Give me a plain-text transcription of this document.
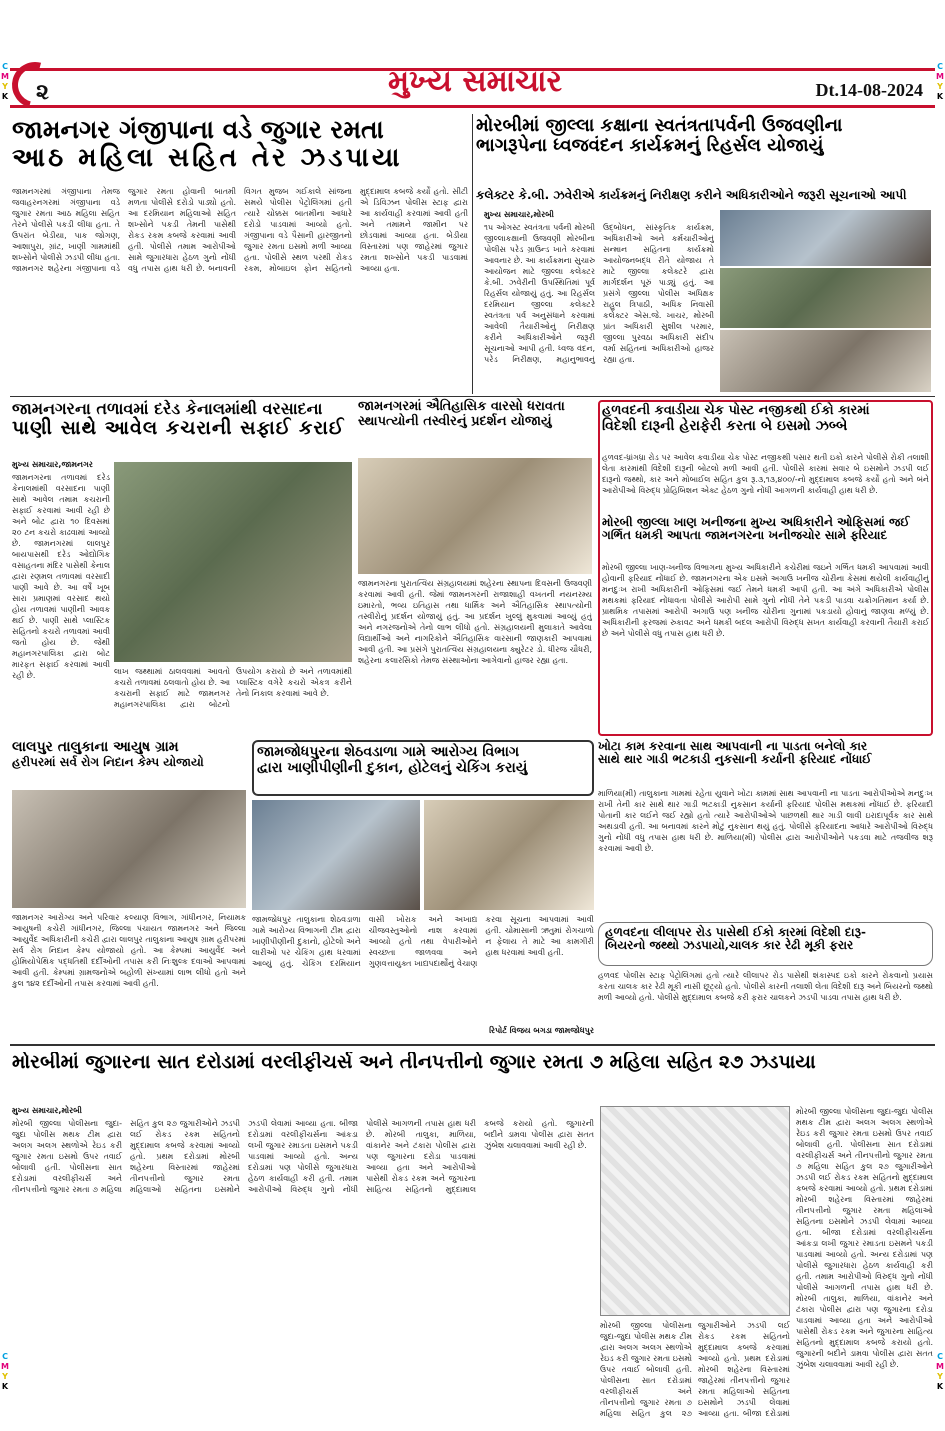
C
M
Y
K
C
M
Y
K
C
M
Y
K
C
M
Y
K
૨	મુખ્ય સમાચાર	Dt.14-08-2024
જામનગર ગંજીપાના વડે જુગાર રમતા
આઠ મહિલા સહિત તેર ઝડપાયા
જામનગરમાં ગંજીપાના તેમજ જવાહરનગરમાં ગંજીપાના વડે જુગાર રમતા આઠ મહિલા સહિત તેરને પોલીસે પકડી લીધા હતા. તે ઉપરાંત બેડીયા, પાક જોગણ, આશાપુરા, ગ્રાંટ, ખાણી ગામમાંથી શખ્સોને પોલીસે ઝડપી લીધા હતા. જામનગર શહેરના ગંજીપાના વડે જુગાર રમતા હોવાની બાતમી મળતા પોલીસે દરોડો પાડ્યો હતો. આ દરમિયાન મહિલાઓ સહિત શખ્સોને પકડી તેમની પાસેથી રોકડ રકમ કબજે કરવામાં આવી હતી. પોલીસે તમામ આરોપીઓ સામે જુગારધારા હેઠળ ગુનો નોંધી વધુ તપાસ હાથ ધરી છે. બનાવની વિગત મુજબ ગઈકાલે સાંજના સમયે પોલીસ પેટ્રોલિંગમાં હતી ત્યારે ચોક્કસ બાતમીના આધારે દરોડો પાડવામાં આવ્યો હતો. ગંજીપાના વડે પૈસાની હારજીતનો જુગાર રમતા ઇસમો મળી આવ્યા હતા. પોલીસે સ્થળ પરથી રોકડ રકમ, મોબાઇલ ફોન સહિતનો મુદ્દામાલ કબજે કર્યો હતો. સીટી એ ડિવિઝન પોલીસ સ્ટાફ દ્વારા આ કાર્યવાહી કરવામાં આવી હતી અને તમામને જામીન પર છોડવામાં આવ્યા હતા. બેડીયા વિસ્તારમાં પણ જાહેરમાં જુગાર રમતા શખ્સોને પકડી પાડવામાં આવ્યા હતા.
મોરબીમાં જીલ્લા કક્ષાના સ્વતંત્રતાપર્વની ઉજવણીના
ભાગરૂપેના ધ્વજવંદન કાર્યક્રમનું રિહર્સલ યોજાયું
કલેક્ટર કે.બી. ઝવેરીએ કાર્યક્રમનું નિરીક્ષણ કરીને અધિકારીઓને જરૂરી સૂચનાઓ આપી
મુખ્ય સમાચાર,મોરબી
૧૫ ઓગસ્ટ સ્વતંત્રતા પર્વની મોરબી જીલ્લાકક્ષાની ઉજવણી મોરબીના પોલીસ પરેડ ગ્રાઉન્ડ ખાતે કરવામાં આવનાર છે. આ કાર્યક્રમના સુચારુ આયોજન માટે જીલ્લા કલેક્ટર કે.બી. ઝવેરીની ઉપસ્થિતિમાં પૂર્વ રિહર્સલ યોજાયું હતું. આ રિહર્સલ દરમિયાન જીલ્લા કલેક્ટરે સ્વતંત્રતા પર્વ અનુસંધાને કરવામાં આવેલી તૈયારીઓનું નિરીક્ષણ કરીને અધિકારીઓને જરૂરી સૂચનાઓ આપી હતી. ધ્વજ વંદન, પરેડ નિરીક્ષણ, મહાનુભાવનું ઉદ્બોધન, સાંસ્કૃતિક કાર્યક્રમ, અધિકારીઓ અને કર્મચારીઓનું સન્માન સહિતના કાર્યક્રમો આયોજનબદ્ધ રીતે યોજાય તે માટે જીલ્લા કલેક્ટરે દ્વારા માર્ગદર્શન પૂરું પાડ્યું હતું. આ પ્રસંગે જીલ્લા પોલીસ અધિક્ષક રાહુલ ત્રિપાઠી, અધિક નિવાસી કલેક્ટર એસ.જે. ખાચર, મોરબી પ્રાંત અધિકારી સુશીલ પરમાર, જીલ્લા પુરવઠા અધિકારી સંદીપ વર્મા સહિતનાં અધિકારીઓ હાજર રહ્યા હતા.
જામનગરના તળાવમાં દરેડ કેનાલમાંથી વરસાદના
પાણી સાથે આવેલ કચરાની સફાઈ કરાઈ
મુખ્ય સમાચાર,જામનગર
જામનગરના તળાવમાં દરેડ કેનાલમાંથી વરસાદના પાણી સાથે આવેલ તમામ કચરાની સફાઈ કરવામાં આવી રહી છે અને બોટ દ્વારા ૧૦ દિવસમાં ૨૦ ટન કચરો કાઢવામાં આવ્યો છે. જામનગરમાં લાલપુર બાયપાસથી દરેડ ઓદ્યોગિક વસાહતના મંદિર પાસેથી કેનાલ દ્વારા રણમલ તળાવમાં વરસાદી પાણી આવે છે. આ વર્ષે ખૂબ સારા પ્રમાણમાં વરસાદ થયો હોય તળાવમાં પાણીની આવક થઈ છે. પાણી સાથે પ્લાસ્ટિક સહિતનો કચરો તળાવમાં આવી જતો હોય છે. જેથી મહાનગરપાલિકા દ્વારા બોટ મારફત સફાઈ કરવામાં આવી રહી છે.	લાખ જથ્થામાં ઠાલવવામાં આવતો કચરો તળાવમાં ઠલવાતો હોય છે. આ કચરાની સફાઈ માટે જામનગર મહાનગરપાલિકા દ્વારા બોટનો ઉપયોગ કરાયો છે અને તળાવમાંથી પ્લાસ્ટિક વગેરે કચરો એકત્ર કરીને તેનો નિકાલ કરવામાં આવે છે.
જામનગરમાં ઐતિહાસિક વારસો ધરાવતા
સ્થાપત્યોની તસ્વીરનું પ્રદર્શન યોજાયું
જામનગરના પુરાતત્વિય સંગ્રહાલયમાં શહેરના સ્થાપના દિવસની ઉજવણી કરવામાં આવી હતી. જેમાં જામનગરની રાજાશાહી વખતની નયનરમ્ય ઇમારતો, ભવ્ય ઇતિહાસ તથા ધાર્મિક અને ઐતિહાસિક સ્થાપત્યોની તસ્વીરોનું પ્રદર્શન યોજાયું હતું. આ પ્રદર્શન ખુલ્લું મુકવામાં આવ્યું હતું અને નગરજનોએ તેનો લાભ લીધો હતો. સંગ્રહાલયની મુલાકાતે આવેલા વિદ્યાર્થીઓ અને નાગરિકોને ઐતિહાસિક વારસાની જાણકારી આપવામાં આવી હતી. આ પ્રસંગે પુરાતત્વિય સંગ્રહાલયના ક્યુરેટર ડો. ધીરજ ચૌધરી, શહેરના કલારસિકો તેમજ સંસ્થાઓના આગેવાનો હાજર રહ્યા હતા.
હળવદની કવાડીયા ચેક પોસ્ટ નજીકથી ઈકો કારમાં
વિદેશી દારૂની હેરાફેરી કરતા બે ઇસમો ઝબ્બે
હળવદ-ધ્રાંગધ્રા રોડ પર આવેલ કવાડીયા ચેક પોસ્ટ નજીકથી પસાર થતી ઇકો કારને પોલીસે રોકી તલાશી લેતા કારમાંથી વિદેશી દારૂની બોટલો મળી આવી હતી. પોલીસે કારમાં સવાર બે ઇસમોને ઝડપી લઈ દારૂનો જથ્થો, કાર અને મોબાઈલ સહિત કુલ રૂ.૩,૧૩,૪૦૦/-નો મુદ્દામાલ કબજે કર્યો હતો અને બંને આરોપીઓ વિરુદ્ધ પ્રોહિબિશન એક્ટ હેઠળ ગુનો નોંધી આગળની કાર્યવાહી હાથ ધરી છે.
મોરબી જીલ્લા ખાણ ખનીજના મુખ્ય અધિકારીને ઓફિસમાં જઈ
ગર્ભિત ધમકી આપતા જામનગરના ખનીજચોર સામે ફરિયાદ
મોરબી જીલ્લા ખાણ-ખનીજ વિભાગના મુખ્ય અધિકારીને કચેરીમાં જઇને ગર્ભિત ધમકી આપવામાં આવી હોવાની ફરિયાદ નોંધાઈ છે. જામનગરના એક ઇસમે અગાઉ ખનીજ ચોરીના કેસમાં થયેલી કાર્યવાહીનું મનદુઃખ રાખી અધિકારીની ઓફિસમાં જઈ તેમને ધમકી આપી હતી. આ અંગે અધિકારીએ પોલીસ મથકમાં ફરિયાદ નોંધાવતા પોલીસે આરોપી સામે ગુનો નોંધી તેને પકડી પાડવા ચક્રોગતિમાન કર્યા છે. પ્રાથમિક તપાસમાં આરોપી અગાઉ પણ ખનીજ ચોરીના ગુનામાં પકડાયો હોવાનું જાણવા મળ્યું છે. અધિકારીની ફરજમાં રુકાવટ અને ધમકી બદલ આરોપી વિરુદ્ધ સખત કાર્યવાહી કરવાની તૈયારી કરાઈ છે અને પોલીસે વધુ તપાસ હાથ ધરી છે.
લાલપુર તાલુકાના આયુષ ગ્રામ
હરીપરમાં સર્વ રોગ નિદાન કેમ્પ યોજાયો
જામનગર આરોગ્ય અને પરિવાર કલ્યાણ વિભાગ, ગાંધીનગર, નિયામક આયુષની કચેરી ગાંધીનગર, જિલ્લા પંચાયત જામનગર અને જિલ્લા આયુર્વેદ અધિકારીની કચેરી દ્વારા લાલપુર તાલુકાના આયુષ ગ્રામ હરીપરમાં સર્વ રોગ નિદાન કેમ્પ યોજાયો હતો. આ કેમ્પમાં આયુર્વેદ અને હોમિયોપેથિક પદ્ધતિથી દર્દીઓની તપાસ કરી નિઃશુલ્ક દવાઓ આપવામાં આવી હતી. કેમ્પમાં ગ્રામજનોએ બહોળી સંખ્યામાં લાભ લીધો હતો અને કુલ ૧૪૨ દર્દીઓની તપાસ કરવામાં આવી હતી.
જામજોધપુરના શેઠવડાળા ગામે આરોગ્ય વિભાગ
દ્વારા ખાણીપીણીની દુકાન, હોટેલનું ચેકિંગ કરાયું
જામજોધપુર તાલુકાના શેઠવડાળા ગામે આરોગ્ય વિભાગની ટીમ દ્વારા ખાણીપીણીની દુકાનો, હોટેલો અને લારીઓ પર ચેકિંગ હાથ ધરવામાં આવ્યું હતું. ચેકિંગ દરમિયાન વાસી ખોરાક અને અખાદ્ય ચીજવસ્તુઓનો નાશ કરવામાં આવ્યો હતો તથા વેપારીઓને સ્વચ્છતા જાળવવા અને ગુણવત્તાયુક્ત ખાદ્યપદાર્થોનું વેચાણ કરવા સૂચના આપવામાં આવી હતી. ચોમાસાની ઋતુમાં રોગચાળો ન ફેલાય તે માટે આ કામગીરી હાથ ધરવામાં આવી હતી.
રિપોર્ટ વિજય બગડા જામજોધપુર
ખોટા કામ કરવાના સાથ આપવાની ના પાડતા બનેલો કાર
સાથે થાર ગાડી ભટકાડી નુકસાની કર્યાની ફરિયાદ નોંધાઈ
માળિયા(મી) તાલુકાના ગામમાં રહેતા યુવાને ખોટા કામમાં સાથ આપવાની ના પાડતા આરોપીઓએ મનદુઃખ રાખી તેની કાર સાથે થાર ગાડી ભટકાડી નુકસાન કર્યાની ફરિયાદ પોલીસ મથકમાં નોંધાઈ છે. ફરિયાદી પોતાની કાર લઈને જઈ રહ્યો હતો ત્યારે આરોપીઓએ પાછળથી થાર ગાડી લાવી ઇરાદાપૂર્વક કાર સાથે અથડાવી હતી. આ બનાવમાં કારને મોટું નુકસાન થયું હતું. પોલીસે ફરિયાદના આધારે આરોપીઓ વિરુદ્ધ ગુનો નોંધી વધુ તપાસ હાથ ધરી છે. માળિયા(મી) પોલીસ દ્વારા આરોપીઓને પકડવા માટે તજવીજ શરૂ કરવામાં આવી છે.
હળવદના લીલાપર રોડ પાસેથી ઈકો કારમાં વિદેશી દારૂ-
બિયરનો જથ્થો ઝડપાયો,ચાલક કાર રેઢી મૂકી ફરાર
હળવદ પોલીસ સ્ટાફ પેટ્રોલિંગમાં હતો ત્યારે લીલાપર રોડ પાસેથી શંકાસ્પદ ઇકો કારને રોકવાનો પ્રયાસ કરતા ચાલક કાર રેઢી મૂકી નાસી છૂટ્યો હતો. પોલીસે કારની તલાશી લેતા વિદેશી દારૂ અને બિયરનો જથ્થો મળી આવ્યો હતો. પોલીસે મુદ્દામાલ કબજે કરી ફરાર ચાલકને ઝડપી પાડવા તપાસ હાથ ધરી છે.
મોરબીમાં જુગારના સાત દરોડામાં વરલીફીચર્સ અને તીનપત્તીનો જુગાર રમતા ૭ મહિલા સહિત ૨૭ ઝડપાયા
મુખ્ય સમાચાર,મોરબી
મોરબી જીલ્લા પોલીસના જુદા-જુદા પોલીસ મથક ટીમ દ્વારા અલગ અલગ સ્થળોએ રેઇડ કરી જુગાર રમતા ઇસમો ઉપર તવાઈ બોલાવી હતી. પોલીસના સાત દરોડામાં વરલીફીચર્સ અને તીનપત્તીનો જુગાર રમતા ૭ મહિલા સહિત કુલ ૨૭ જુગારીઓને ઝડપી લઈ રોકડ રકમ સહિતનો મુદ્દામાલ કબજે કરવામાં આવ્યો હતો. પ્રથમ દરોડામાં મોરબી શહેરના વિસ્તારમાં જાહેરમાં તીનપત્તીનો જુગાર રમતા મહિલાઓ સહિતના ઇસમોને ઝડપી લેવામાં આવ્યા હતા. બીજા દરોડામાં વરલીફીચર્સના આંકડા લખી જુગાર રમાડતા ઇસમને પકડી પાડવામાં આવ્યો હતો. અન્ય દરોડામાં પણ પોલીસે જુગારધારા હેઠળ કાર્યવાહી કરી હતી. તમામ આરોપીઓ વિરુદ્ધ ગુનો નોંધી પોલીસે આગળની તપાસ હાથ ધરી છે. મોરબી તાલુકા, માળિયા, વાંકાનેર અને ટંકારા પોલીસ દ્વારા પણ જુગારના દરોડા પાડવામાં આવ્યા હતા અને આરોપીઓ પાસેથી રોકડ રકમ અને જુગારના સાહિત્ય સહિતનો મુદ્દામાલ કબજે કરાયો હતો. જુગારની બદીને ડામવા પોલીસ દ્વારા સતત ઝુંબેશ ચલાવવામાં આવી રહી છે.
મોરબી જીલ્લા પોલીસના જુદા-જુદા પોલીસ મથક ટીમ દ્વારા અલગ અલગ સ્થળોએ રેઇડ કરી જુગાર રમતા ઇસમો ઉપર તવાઈ બોલાવી હતી. પોલીસના સાત દરોડામાં વરલીફીચર્સ અને તીનપત્તીનો જુગાર રમતા ૭ મહિલા સહિત કુલ ૨૭ જુગારીઓને ઝડપી લઈ રોકડ રકમ સહિતનો મુદ્દામાલ કબજે કરવામાં આવ્યો હતો. પ્રથમ દરોડામાં મોરબી શહેરના વિસ્તારમાં જાહેરમાં તીનપત્તીનો જુગાર રમતા મહિલાઓ સહિતના ઇસમોને ઝડપી લેવામાં આવ્યા હતા. બીજા દરોડામાં
મોરબી જીલ્લા પોલીસના જુદા-જુદા પોલીસ મથક ટીમ દ્વારા અલગ અલગ સ્થળોએ રેઇડ કરી જુગાર રમતા ઇસમો ઉપર તવાઈ બોલાવી હતી. પોલીસના સાત દરોડામાં વરલીફીચર્સ અને તીનપત્તીનો જુગાર રમતા ૭ મહિલા સહિત કુલ ૨૭ જુગારીઓને ઝડપી લઈ રોકડ રકમ સહિતનો મુદ્દામાલ કબજે કરવામાં આવ્યો હતો. પ્રથમ દરોડામાં મોરબી શહેરના વિસ્તારમાં જાહેરમાં તીનપત્તીનો જુગાર રમતા મહિલાઓ સહિતના ઇસમોને ઝડપી લેવામાં આવ્યા હતા. બીજા દરોડામાં વરલીફીચર્સના આંકડા લખી જુગાર રમાડતા ઇસમને પકડી પાડવામાં આવ્યો હતો. અન્ય દરોડામાં પણ પોલીસે જુગારધારા હેઠળ કાર્યવાહી કરી હતી. તમામ આરોપીઓ વિરુદ્ધ ગુનો નોંધી પોલીસે આગળની તપાસ હાથ ધરી છે. મોરબી તાલુકા, માળિયા, વાંકાનેર અને ટંકારા પોલીસ દ્વારા પણ જુગારના દરોડા પાડવામાં આવ્યા હતા અને આરોપીઓ પાસેથી રોકડ રકમ અને જુગારના સાહિત્ય સહિતનો મુદ્દામાલ કબજે કરાયો હતો. જુગારની બદીને ડામવા પોલીસ દ્વારા સતત ઝુંબેશ ચલાવવામાં આવી રહી છે.
